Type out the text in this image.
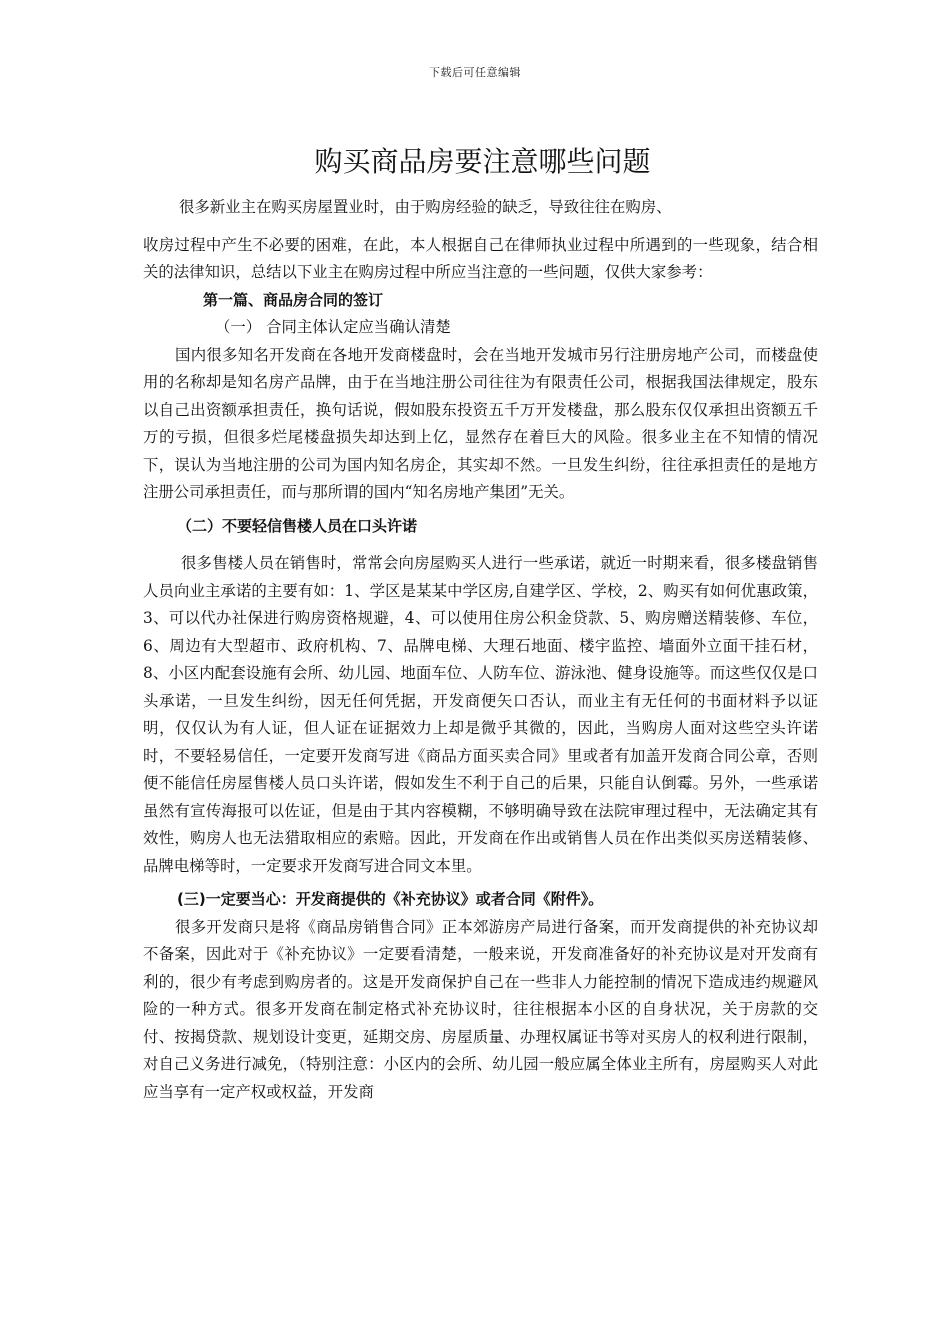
下载后可任意编辑
购买商品房要注意哪些问题

很多新业主在购买房屋置业时，由于购房经验的缺乏，导致往往在购房、

收房过程中产生不必要的困难，在此，本人根据自己在律师执业过程中所遇到的一些现象，结合相关的法律知识，总结以下业主在购房过程中所应当注意的一些问题，仅供大家参考：

第一篇、商品房合同的签订

（一） 合同主体认定应当确认清楚

国内很多知名开发商在各地开发商楼盘时，会在当地开发城市另行注册房地产公司，而楼盘使用的名称却是知名房产品牌，由于在当地注册公司往往为有限责任公司，根据我国法律规定，股东以自己出资额承担责任，换句话说，假如股东投资五千万开发楼盘，那么股东仅仅承担出资额五千万的亏损，但很多烂尾楼盘损失却达到上亿，显然存在着巨大的风险。很多业主在不知情的情况下，误认为当地注册的公司为国内知名房企，其实却不然。一旦发生纠纷，往往承担责任的是地方注册公司承担责任，而与那所谓的国内“知名房地产集团”无关。

（二）不要轻信售楼人员在口头许诺

很多售楼人员在销售时，常常会向房屋购买人进行一些承诺，就近一时期来看，很多楼盘销售人员向业主承诺的主要有如：1、学区是某某中学区房,自建学区、学校，2、购买有如何优惠政策，3、可以代办社保进行购房资格规避，4、可以使用住房公积金贷款、5、购房赠送精装修、车位，6、周边有大型超市、政府机构、7、品牌电梯、大理石地面、楼宇监控、墙面外立面干挂石材，8、小区内配套设施有会所、幼儿园、地面车位、人防车位、游泳池、健身设施等。而这些仅仅是口头承诺，一旦发生纠纷，因无任何凭据，开发商便矢口否认，而业主有无任何的书面材料予以证明，仅仅认为有人证，但人证在证据效力上却是微乎其微的，因此，当购房人面对这些空头许诺时，不要轻易信任，一定要开发商写进《商品方面买卖合同》里或者有加盖开发商合同公章，否则便不能信任房屋售楼人员口头许诺，假如发生不利于自己的后果，只能自认倒霉。另外，一些承诺虽然有宣传海报可以佐证，但是由于其内容模糊，不够明确导致在法院审理过程中，无法确定其有效性，购房人也无法猎取相应的索赔。因此，开发商在作出或销售人员在作出类似买房送精装修、品牌电梯等时，一定要求开发商写进合同文本里。

(三)一定要当心：开发商提供的《补充协议》或者合同《附件》。

很多开发商只是将《商品房销售合同》正本郊游房产局进行备案，而开发商提供的补充协议却不备案，因此对于《补充协议》一定要看清楚，一般来说，开发商准备好的补充协议是对开发商有利的，很少有考虑到购房者的。这是开发商保护自己在一些非人力能控制的情况下造成违约规避风险的一种方式。很多开发商在制定格式补充协议时，往往根据本小区的自身状况，关于房款的交付、按揭贷款、规划设计变更，延期交房、房屋质量、办理权属证书等对买房人的权利进行限制，对自己义务进行减免，（特别注意：小区内的会所、幼儿园一般应属全体业主所有，房屋购买人对此应当享有一定产权或权益，开发商
